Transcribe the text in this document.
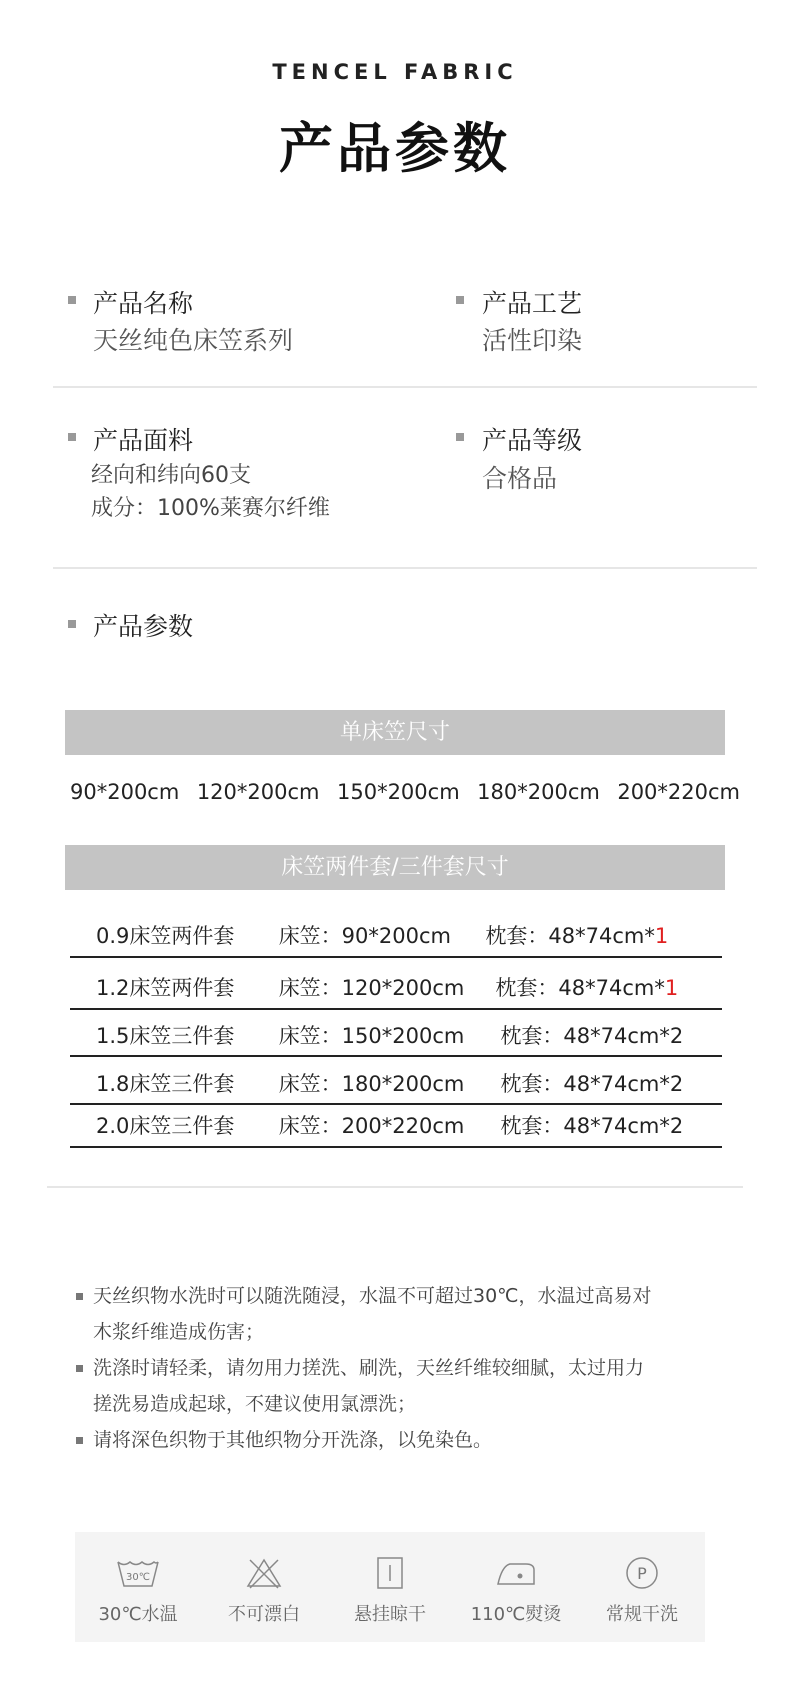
TENCEL FABRIC
产品参数
产品名称
天丝纯色床笠系列
产品工艺
活性印染
产品面料
经向和纬向60支
成分：100%莱赛尔纤维
产品等级
合格品
产品参数
单床笠尺寸
90*200cm 120*200cm 150*200cm 180*200cm 200*220cm
床笠两件套/三件套尺寸
0.9床笠两件套 床笠：90*200cm 枕套：48*74cm*1
1.2床笠两件套 床笠：120*200cm 枕套：48*74cm*1
1.5床笠三件套 床笠：150*200cm 枕套：48*74cm*2
1.8床笠三件套 床笠：180*200cm 枕套：48*74cm*2
2.0床笠三件套 床笠：200*220cm 枕套：48*74cm*2
天丝织物水洗时可以随洗随浸，水温不可超过30℃，水温过高易对
木浆纤维造成伤害；
洗涤时请轻柔，请勿用力搓洗、刷洗，天丝纤维较细腻，太过用力
搓洗易造成起球，不建议使用氯漂洗；
请将深色织物于其他织物分开洗涤，以免染色。
30℃
30℃水温	不可漂白	悬挂晾干	110℃熨烫
P
常规干洗
